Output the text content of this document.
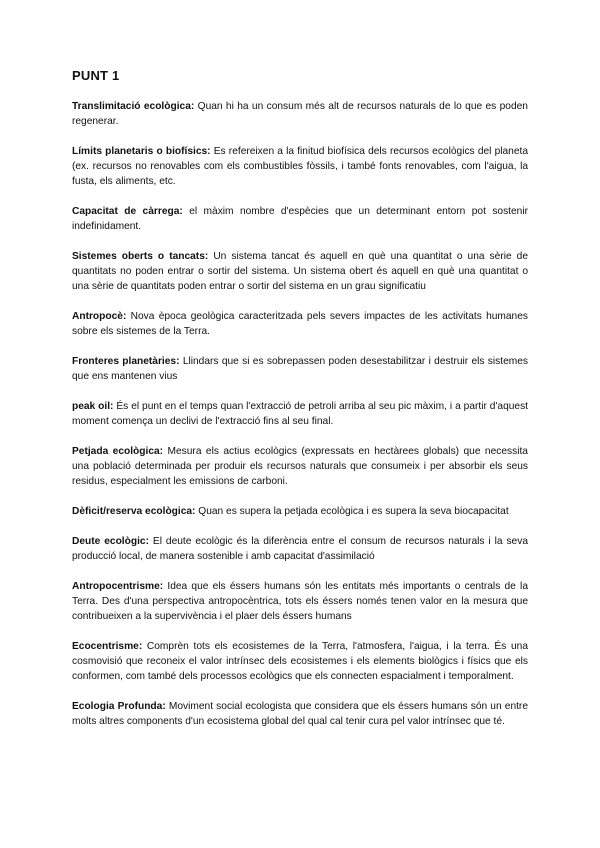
PUNT 1

Translimitació ecològica: Quan hi ha un consum més alt de recursos naturals de lo que es poden regenerar.

Límits planetaris o biofísics: Es refereixen a la finitud biofísica dels recursos ecològics del planeta (ex. recursos no renovables com els combustibles fòssils, i també fonts renovables, com l'aigua, la fusta, els aliments, etc.

Capacitat de càrrega: el màxim nombre d'espècies que un determinant entorn pot sostenir indefinidament.

Sistemes oberts o tancats: Un sistema tancat és aquell en què una quantitat o una sèrie de quantitats no poden entrar o sortir del sistema. Un sistema obert és aquell en què una quantitat o una sèrie de quantitats poden entrar o sortir del sistema en un grau significatiu

Antropocè: Nova època geològica caracteritzada pels severs impactes de les activitats humanes sobre els sistemes de la Terra.

Fronteres planetàries: Llindars que si es sobrepassen poden desestabilitzar i destruir els sistemes que ens mantenen vius

peak oil: És el punt en el temps quan l'extracció de petroli arriba al seu pic màxim, i a partir d'aquest moment comença un declivi de l'extracció fins al seu final.

Petjada ecològica: Mesura els actius ecològics (expressats en hectàrees globals) que necessita una població determinada per produir els recursos naturals que consumeix i per absorbir els seus residus, especialment les emissions de carboni.

Dèficit/reserva ecològica: Quan es supera la petjada ecològica i es supera la seva biocapacitat

Deute ecològic: El deute ecològic és la diferència entre el consum de recursos naturals i la seva producció local, de manera sostenible i amb capacitat d'assimilació

Antropocentrisme: Idea que els éssers humans són les entitats més importants o centrals de la Terra. Des d'una perspectiva antropocèntrica, tots els éssers només tenen valor en la mesura que contribueixen a la supervivència i el plaer dels éssers humans

Ecocentrisme: Comprèn tots els ecosistemes de la Terra, l'atmosfera, l'aigua, i la terra. És una cosmovisió que reconeix el valor intrínsec dels ecosistemes i els elements biològics i físics que els conformen, com també dels processos ecològics que els connecten espacialment i temporalment.

Ecologia Profunda: Moviment social ecologista que considera que els éssers humans són un entre molts altres components d'un ecosistema global del qual cal tenir cura pel valor intrínsec que té.
